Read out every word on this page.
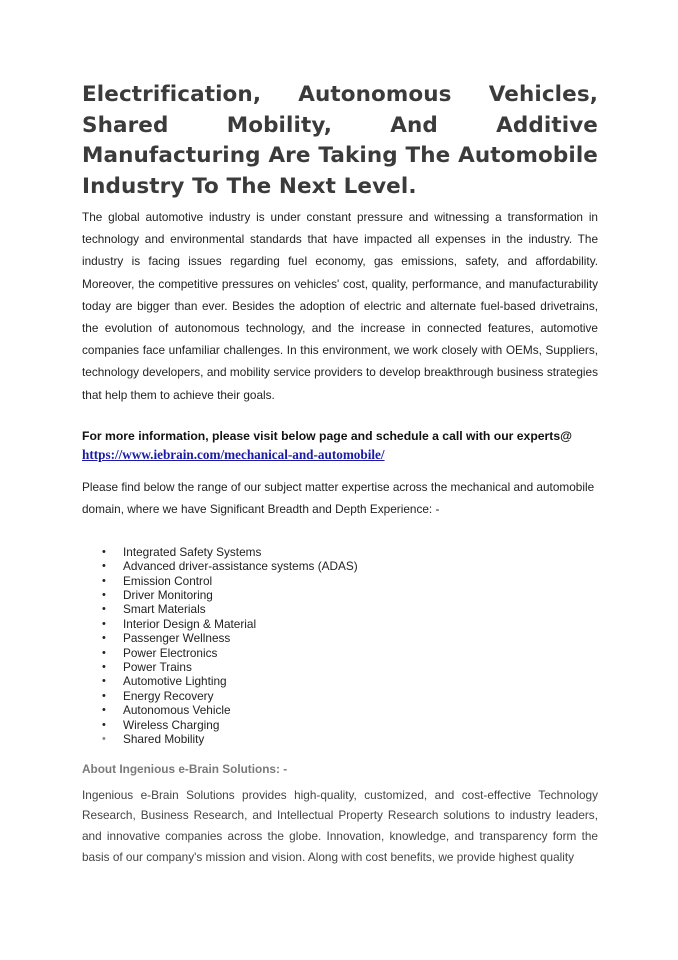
Electrification, Autonomous Vehicles, Shared Mobility, And Additive Manufacturing Are Taking The Automobile Industry To The Next Level.

The global automotive industry is under constant pressure and witnessing a transformation in technology and environmental standards that have impacted all expenses in the industry. The industry is facing issues regarding fuel economy, gas emissions, safety, and affordability. Moreover, the competitive pressures on vehicles' cost, quality, performance, and manufacturability today are bigger than ever. Besides the adoption of electric and alternate fuel-based drivetrains, the evolution of autonomous technology, and the increase in connected features, automotive companies face unfamiliar challenges. In this environment, we work closely with OEMs, Suppliers, technology developers, and mobility service providers to develop breakthrough business strategies that help them to achieve their goals.

For more information, please visit below page and schedule a call with our experts@
https://www.iebrain.com/mechanical-and-automobile/

Please find below the range of our subject matter expertise across the mechanical and automobile domain, where we have Significant Breadth and Depth Experience: -

• Integrated Safety Systems
• Advanced driver-assistance systems (ADAS)
• Emission Control
• Driver Monitoring
• Smart Materials
• Interior Design & Material
• Passenger Wellness
• Power Electronics
• Power Trains
• Automotive Lighting
• Energy Recovery
• Autonomous Vehicle
• Wireless Charging
• Shared Mobility
About Ingenious e-Brain Solutions: -

Ingenious e-Brain Solutions provides high-quality, customized, and cost-effective Technology Research, Business Research, and Intellectual Property Research solutions to industry leaders, and innovative companies across the globe. Innovation, knowledge, and transparency form the basis of our company's mission and vision. Along with cost benefits, we provide highest quality
